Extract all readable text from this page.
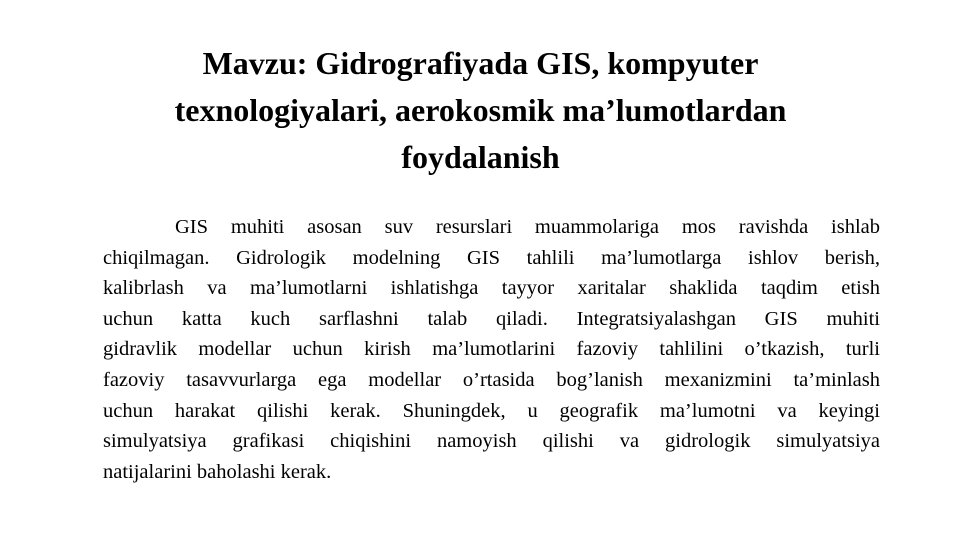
Mavzu: Gidrografiyada GIS, kompyuter
texnologiyalari, aerokosmik ma’lumotlardan
foydalanish
GIS muhiti asosan suv resurslari muammolariga mos ravishda ishlab
chiqilmagan. Gidrologik modelning GIS tahlili ma’lumotlarga ishlov berish,
kalibrlash va ma’lumotlarni ishlatishga tayyor xaritalar shaklida taqdim etish
uchun katta kuch sarflashni talab qiladi. Integratsiyalashgan GIS muhiti
gidravlik modellar uchun kirish ma’lumotlarini fazoviy tahlilini o’tkazish, turli
fazoviy tasavvurlarga ega modellar o’rtasida bog’lanish mexanizmini ta’minlash
uchun harakat qilishi kerak. Shuningdek, u geografik ma’lumotni va keyingi
simulyatsiya grafikasi chiqishini namoyish qilishi va gidrologik simulyatsiya
natijalarini baholashi kerak.
